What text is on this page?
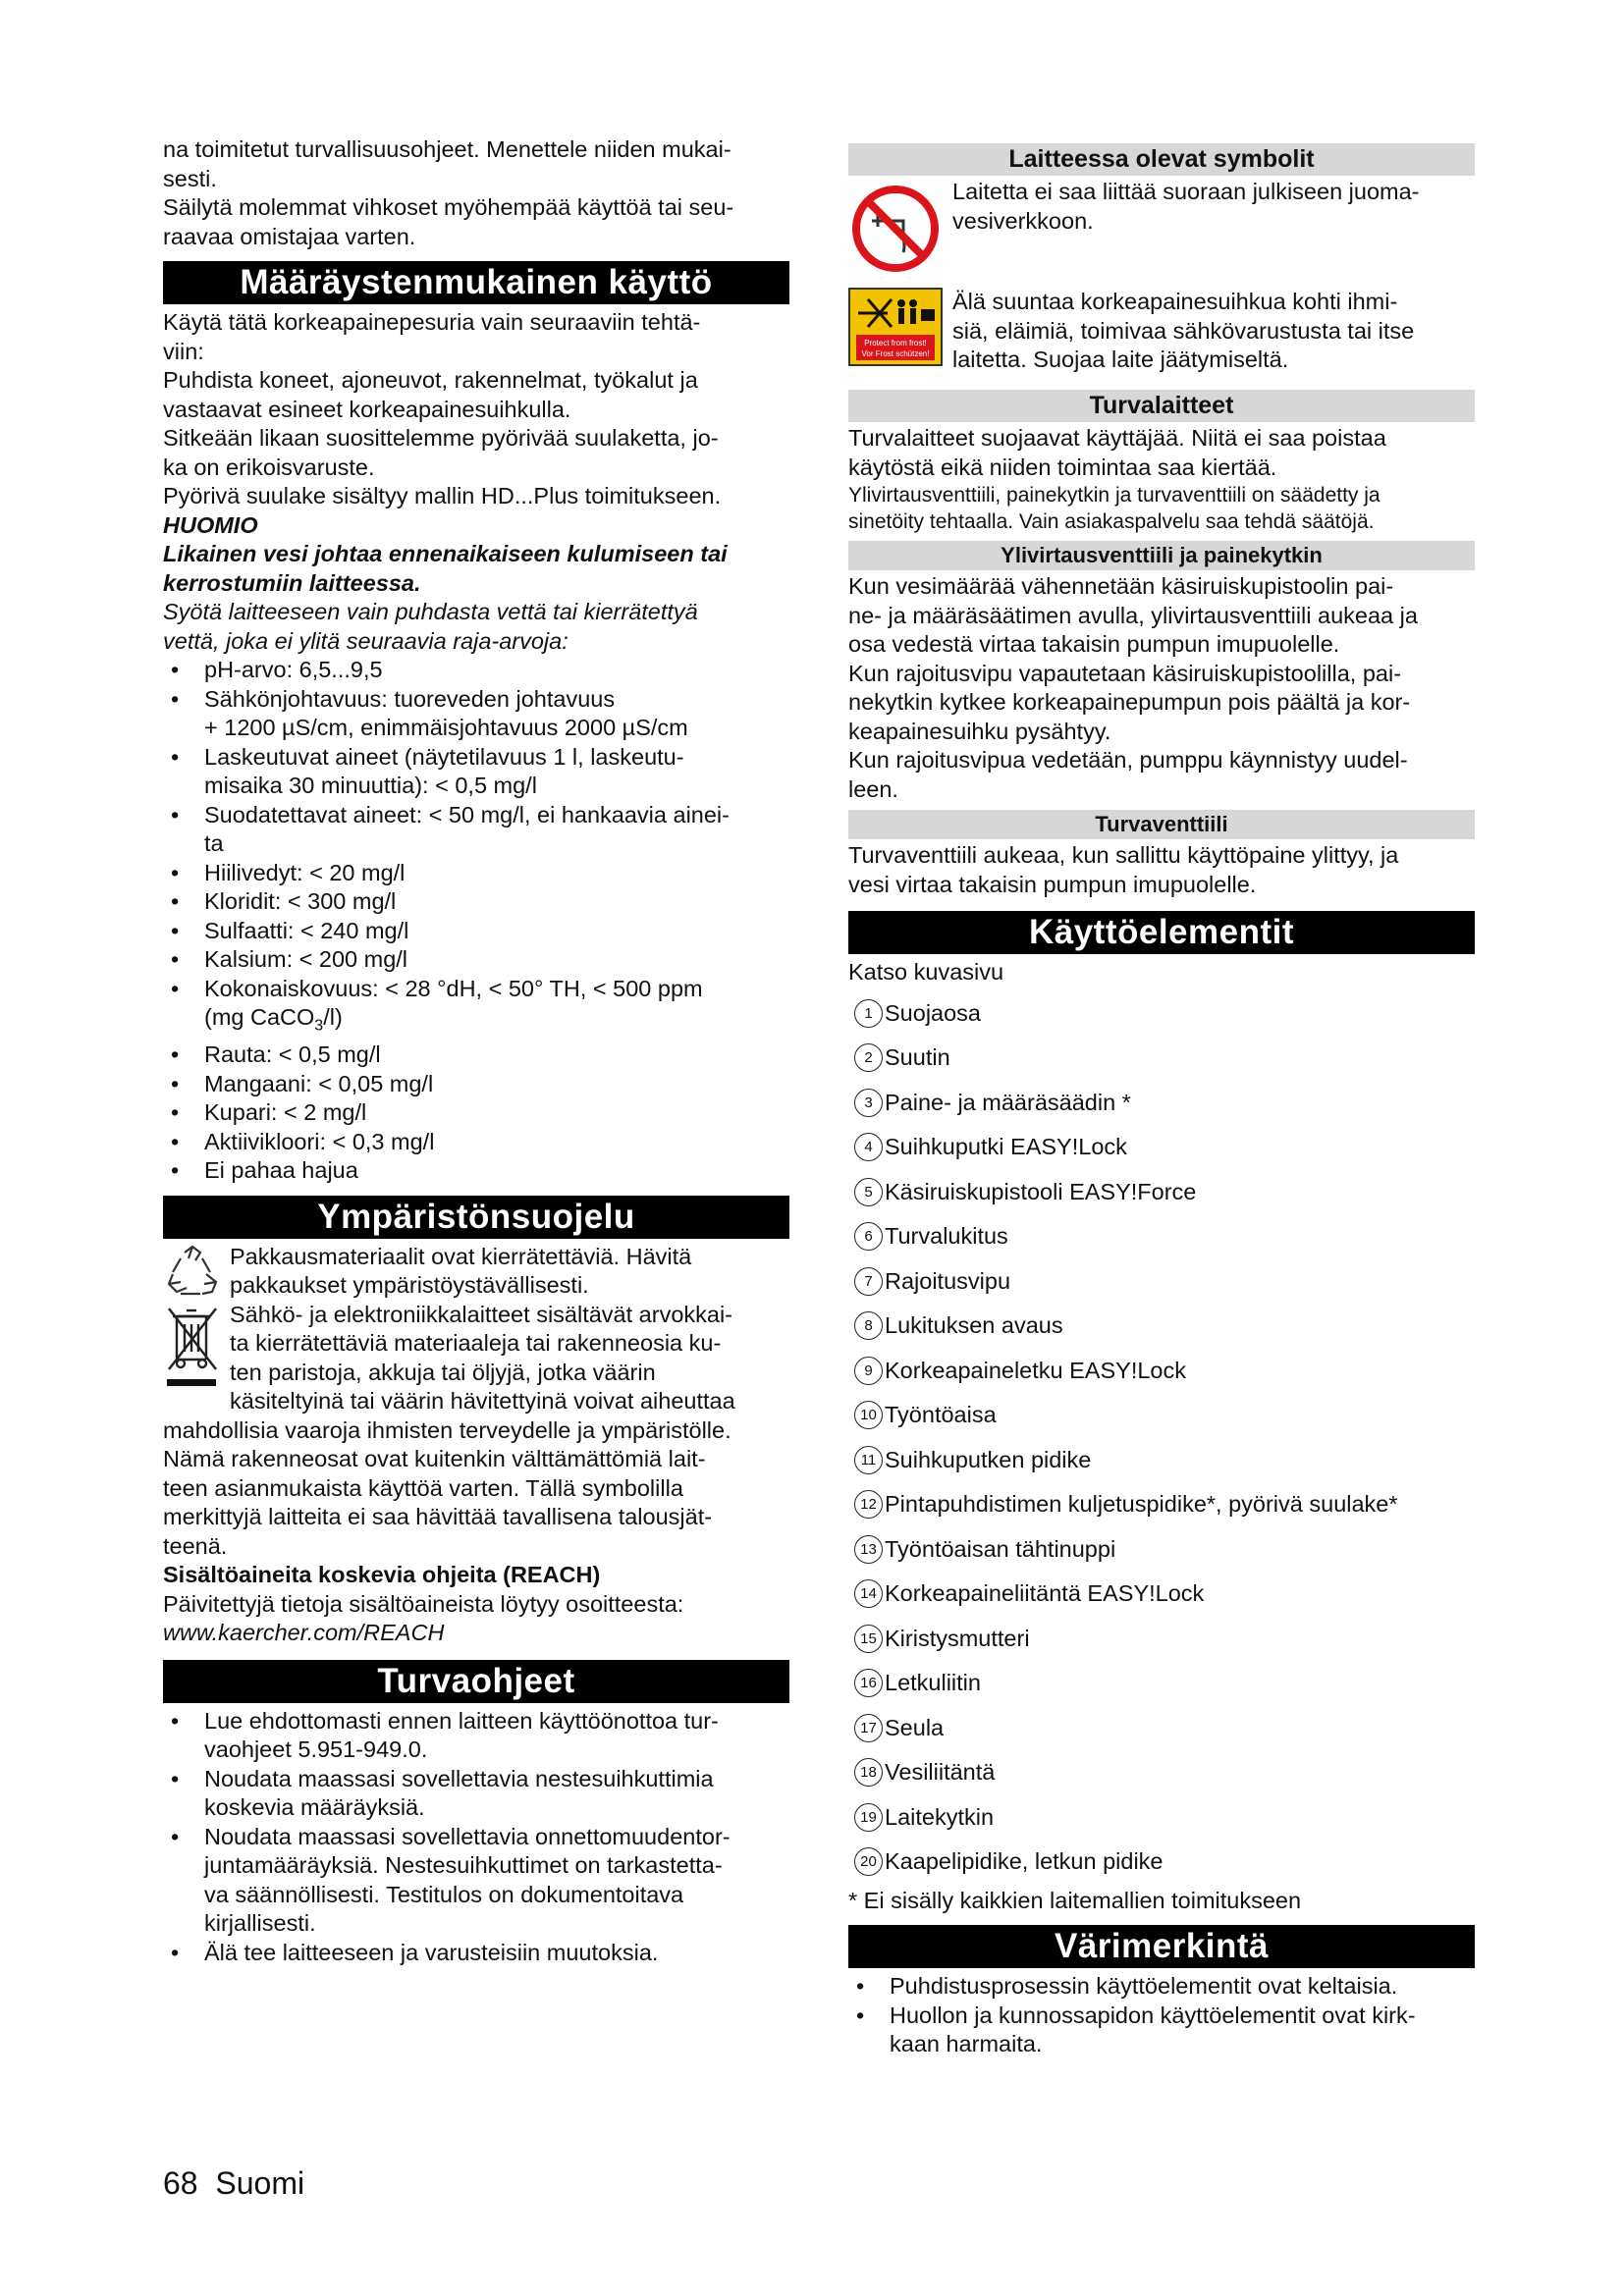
na toimitetut turvallisuusohjeet. Menettele niiden mukai-

sesti.

Säilytä molemmat vihkoset myöhempää käyttöä tai seu-

raavaa omistajaa varten.

Määräystenmukainen käyttö

Käytä tätä korkeapainepesuria vain seuraaviin tehtä-

viin:

Puhdista koneet, ajoneuvot, rakennelmat, työkalut ja

vastaavat esineet korkeapainesuihkulla.

Sitkeään likaan suosittelemme pyörivää suulaketta, jo-

ka on erikoisvaruste.

Pyörivä suulake sisältyy mallin HD...Plus toimitukseen.

HUOMIO

Likainen vesi johtaa ennenaikaiseen kulumiseen tai

kerrostumiin laitteessa.

Syötä laitteeseen vain puhdasta vettä tai kierrätettyä

vettä, joka ei ylitä seuraavia raja-arvoja:

• pH-arvo: 6,5...9,5
• Sähkönjohtavuus: tuoreveden johtavuus
+ 1200 µS/cm, enimmäisjohtavuus 2000 µS/cm
• Laskeutuvat aineet (näytetilavuus 1 l, laskeutu-
misaika 30 minuuttia): < 0,5 mg/l
• Suodatettavat aineet: < 50 mg/l, ei hankaavia ainei-
ta
• Hiilivedyt: < 20 mg/l
• Kloridit: < 300 mg/l
• Sulfaatti: < 240 mg/l
• Kalsium: < 200 mg/l
• Kokonaiskovuus: < 28 °dH, < 50° TH, < 500 ppm
(mg CaCO$_3$/l)
• Rauta: < 0,5 mg/l
• Mangaani: < 0,05 mg/l
• Kupari: < 2 mg/l
• Aktiivikloori: < 0,3 mg/l
• Ei pahaa hajua
Ympäristönsuojelu

Pakkausmateriaalit ovat kierrätettäviä. Hävitä

pakkaukset ympäristöystävällisesti.

Sähkö- ja elektroniikkalaitteet sisältävät arvokkai-

ta kierrätettäviä materiaaleja tai rakenneosia ku-

ten paristoja, akkuja tai öljyjä, jotka väärin

käsiteltyinä tai väärin hävitettyinä voivat aiheuttaa

mahdollisia vaaroja ihmisten terveydelle ja ympäristölle.

Nämä rakenneosat ovat kuitenkin välttämättömiä lait-

teen asianmukaista käyttöä varten. Tällä symbolilla

merkittyjä laitteita ei saa hävittää tavallisena talousjät-

teenä.

Sisältöaineita koskevia ohjeita (REACH)

Päivitettyjä tietoja sisältöaineista löytyy osoitteesta:

www.kaercher.com/REACH

Turvaohjeet
• Lue ehdottomasti ennen laitteen käyttöönottoa tur-
vaohjeet 5.951-949.0.
• Noudata maassasi sovellettavia nestesuihkuttimia
koskevia määräyksiä.
• Noudata maassasi sovellettavia onnettomuudentor-
juntamääräyksiä. Nestesuihkuttimet on tarkastetta-
va säännöllisesti. Testitulos on dokumentoitava
kirjallisesti.
• Älä tee laitteeseen ja varusteisiin muutoksia.
Laitteessa olevat symbolit

Laitetta ei saa liittää suoraan julkiseen juoma-

vesiverkkoon.

Protect from frost!
Vor Frost schützen!

Älä suuntaa korkeapainesuihkua kohti ihmi-

siä, eläimiä, toimivaa sähkövarustusta tai itse

laitetta. Suojaa laite jäätymiseltä.

Turvalaitteet

Turvalaitteet suojaavat käyttäjää. Niitä ei saa poistaa

käytöstä eikä niiden toimintaa saa kiertää.

Ylivirtausventtiili, painekytkin ja turvaventtiili on säädetty ja

sinetöity tehtaalla. Vain asiakaspalvelu saa tehdä säätöjä.

Ylivirtausventtiili ja painekytkin

Kun vesimäärää vähennetään käsiruiskupistoolin pai-

ne- ja määräsäätimen avulla, ylivirtausventtiili aukeaa ja

osa vedestä virtaa takaisin pumpun imupuolelle.

Kun rajoitusvipu vapautetaan käsiruiskupistoolilla, pai-

nekytkin kytkee korkeapainepumpun pois päältä ja kor-

keapainesuihku pysähtyy.

Kun rajoitusvipua vedetään, pumppu käynnistyy uudel-

leen.

Turvaventtiili

Turvaventtiili aukeaa, kun sallittu käyttöpaine ylittyy, ja

vesi virtaa takaisin pumpun imupuolelle.

Käyttöelementit

Katso kuvasivu

1 Suojaosa
2 Suutin
3 Paine- ja määräsäädin *
4 Suihkuputki EASY!Lock
5 Käsiruiskupistooli EASY!Force
6 Turvalukitus
7 Rajoitusvipu
8 Lukituksen avaus
9 Korkeapaineletku EASY!Lock
10 Työntöaisa
11 Suihkuputken pidike
12 Pintapuhdistimen kuljetuspidike*, pyörivä suulake*
13 Työntöaisan tähtinuppi
14 Korkeapaineliitäntä EASY!Lock
15 Kiristysmutteri
16 Letkuliitin
17 Seula
18 Vesiliitäntä
19 Laitekytkin
20 Kaapelipidike, letkun pidike

* Ei sisälly kaikkien laitemallien toimitukseen

Värimerkintä
• Puhdistusprosessin käyttöelementit ovat keltaisia.
• Huollon ja kunnossapidon käyttöelementit ovat kirk-
kaan harmaita.
68 Suomi
